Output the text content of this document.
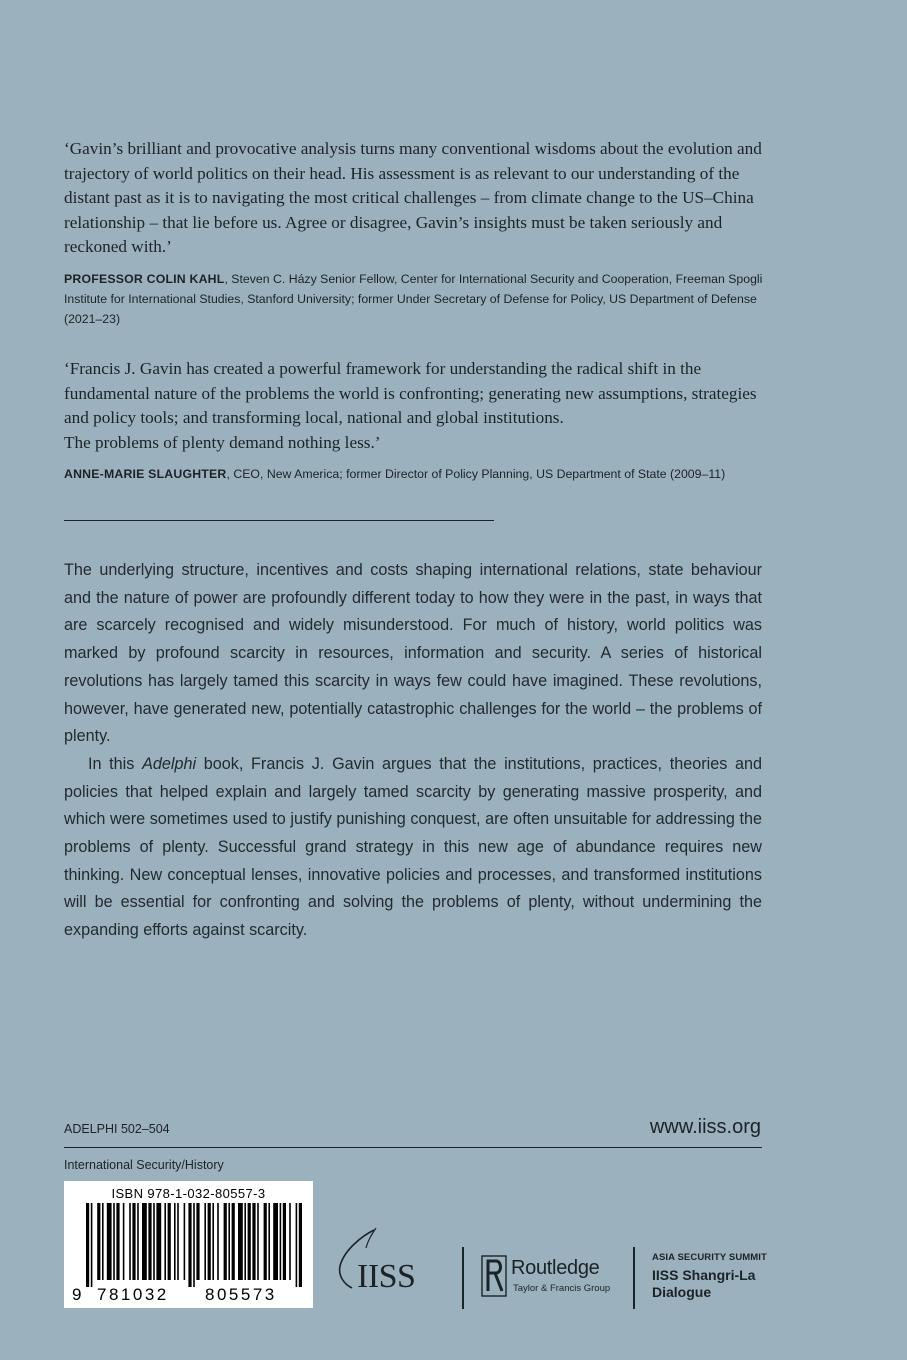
‘Gavin’s brilliant and provocative analysis turns many conventional wisdoms about the evolution and trajectory of world politics on their head. His assessment is as relevant to our understanding of the distant past as it is to navigating the most critical challenges – from climate change to the US–China relationship – that lie before us. Agree or disagree, Gavin’s insights must be taken seriously and reckoned with.’

PROFESSOR COLIN KAHL, Steven C. Házy Senior Fellow, Center for International Security and Cooperation, Freeman Spogli Institute for International Studies, Stanford University; former Under Secretary of Defense for Policy, US Department of Defense (2021–23)

‘Francis J. Gavin has created a powerful framework for understanding the radical shift in the fundamental nature of the problems the world is confronting; generating new assumptions, strategies and policy tools; and transforming local, national and global institutions.

The problems of plenty demand nothing less.’

ANNE-MARIE SLAUGHTER, CEO, New America; former Director of Policy Planning, US Department of State (2009–11)

The underlying structure, incentives and costs shaping international relations, state behaviour and the nature of power are profoundly different today to how they were in the past, in ways that are scarcely recognised and widely misunderstood. For much of history, world politics was marked by profound scarcity in resources, information and security. A series of historical revolutions has largely tamed this scarcity in ways few could have imagined. These revolutions, however, have generated new, potentially catastrophic challenges for the world – the problems of plenty.

In this Adelphi book, Francis J. Gavin argues that the institutions, practices, theories and policies that helped explain and largely tamed scarcity by generating massive prosperity, and which were sometimes used to justify punishing conquest, are often unsuitable for addressing the problems of plenty. Successful grand strategy in this new age of abundance requires new thinking. New conceptual lenses, innovative policies and processes, and transformed institutions will be essential for confronting and solving the problems of plenty, without undermining the expanding efforts against scarcity.

ADELPHI 502–504	www.iiss.org
International Security/History
ISBN 978-1-032-80557-3
9 781032 805573 IISS	Routledge
Taylor & Francis Group
ASIA SECURITY SUMMIT
IISS Shangri-La
Dialogue
